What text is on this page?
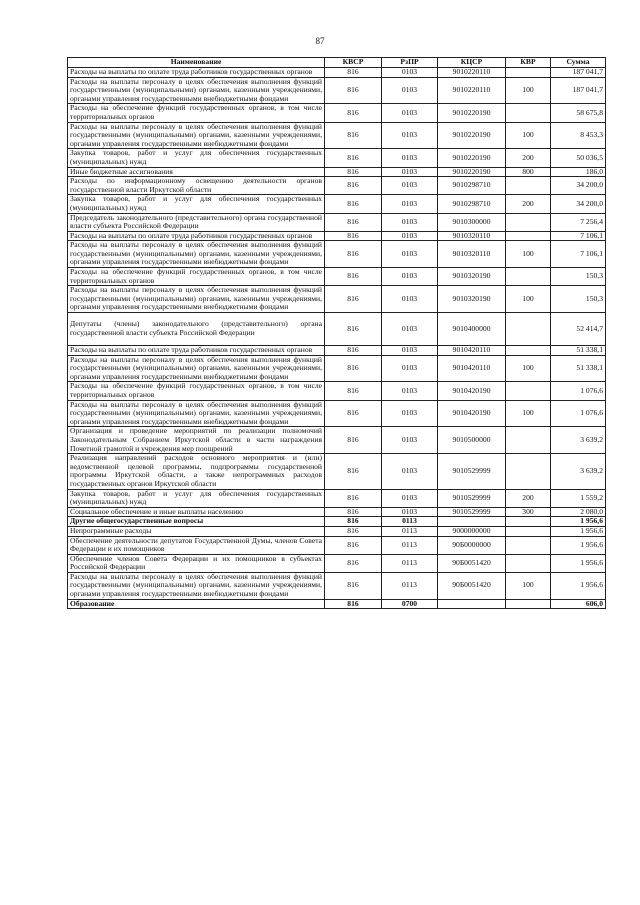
87
Наименование	КВСР	РзПР	КЦСР	КВР	Сумма
Расходы на выплаты по оплате труда работников государственных органов	816	0103	9010220110		187 041,7
Расходы на выплаты персоналу в целях обеспечения выполнения функций государственными (муниципальными) органами, казенными учреждениями, органами управления государственными внебюджетными фондами	816	0103	9010220110	100	187 041,7
Расходы на обеспечение функций государственных органов, в том числе территориальных органов	816	0103	9010220190		58 675,8
Расходы на выплаты персоналу в целях обеспечения выполнения функций государственными (муниципальными) органами, казенными учреждениями, органами управления государственными внебюджетными фондами	816	0103	9010220190	100	8 453,3
Закупка товаров, работ и услуг для обеспечения государственных (муниципальных) нужд	816	0103	9010220190	200	50 036,5
Иные бюджетные ассигнования	816	0103	9010220190	800	186,0
Расходы по информационному освещению деятельности органов государственной власти Иркутской области	816	0103	9010298710		34 200,0
Закупка товаров, работ и услуг для обеспечения государственных (муниципальных) нужд	816	0103	9010298710	200	34 200,0
Председатель законодательного (представительного) органа государственной власти субъекта Российской Федерации	816	0103	9010300000		7 256,4
Расходы на выплаты по оплате труда работников государственных органов	816	0103	9010320110		7 106,1
Расходы на выплаты персоналу в целях обеспечения выполнения функций государственными (муниципальными) органами, казенными учреждениями, органами управления государственными внебюджетными фондами	816	0103	9010320110	100	7 106,1
Расходы на обеспечение функций государственных органов, в том числе территориальных органов	816	0103	9010320190		150,3
Расходы на выплаты персоналу в целях обеспечения выполнения функций государственными (муниципальными) органами, казенными учреждениями, органами управления государственными внебюджетными фондами	816	0103	9010320190	100	150,3
Депутаты (члены) законодательного (представительного) органа государственной власти субъекта Российской Федерации	816	0103	9010400000		52 414,7
Расходы на выплаты по оплате труда работников государственных органов	816	0103	9010420110		51 338,1
Расходы на выплаты персоналу в целях обеспечения выполнения функций государственными (муниципальными) органами, казенными учреждениями, органами управления государственными внебюджетными фондами	816	0103	9010420110	100	51 338,1
Расходы на обеспечение функций государственных органов, в том числе территориальных органов	816	0103	9010420190		1 076,6
Расходы на выплаты персоналу в целях обеспечения выполнения функций государственными (муниципальными) органами, казенными учреждениями, органами управления государственными внебюджетными фондами	816	0103	9010420190	100	1 076,6
Организация и проведение мероприятий по реализации полномочий Законодательным Собранием Иркутской области в части награждения Почетной грамотой и учреждения мер поощрений	816	0103	9010500000		3 639,2
Реализация направлений расходов основного мероприятия и (или) ведомственной целевой программы, подпрограммы государственной программы Иркутской области, а также непрограммных расходов государственных органов Иркутской области	816	0103	9010529999		3 639,2
Закупка товаров, работ и услуг для обеспечения государственных (муниципальных) нужд	816	0103	9010529999	200	1 559,2
Социальное обеспечение и иные выплаты населению	816	0103	9010529999	300	2 080,0
Другие общегосударственные вопросы	816	0113			1 956,6
Непрограммные расходы	816	0113	9000000000		1 956,6
Обеспечение деятельности депутатов Государственной Думы, членов Совета Федерации и их помощников	816	0113	90Б0000000		1 956,6
Обеспечение членов Совета Федерации и их помощников в субъектах Российской Федерации	816	0113	90Б0051420		1 956,6
Расходы на выплаты персоналу в целях обеспечения выполнения функций государственными (муниципальными) органами, казенными учреждениями, органами управления государственными внебюджетными фондами	816	0113	90Б0051420	100	1 956,6
Образование	816	0700			606,0
